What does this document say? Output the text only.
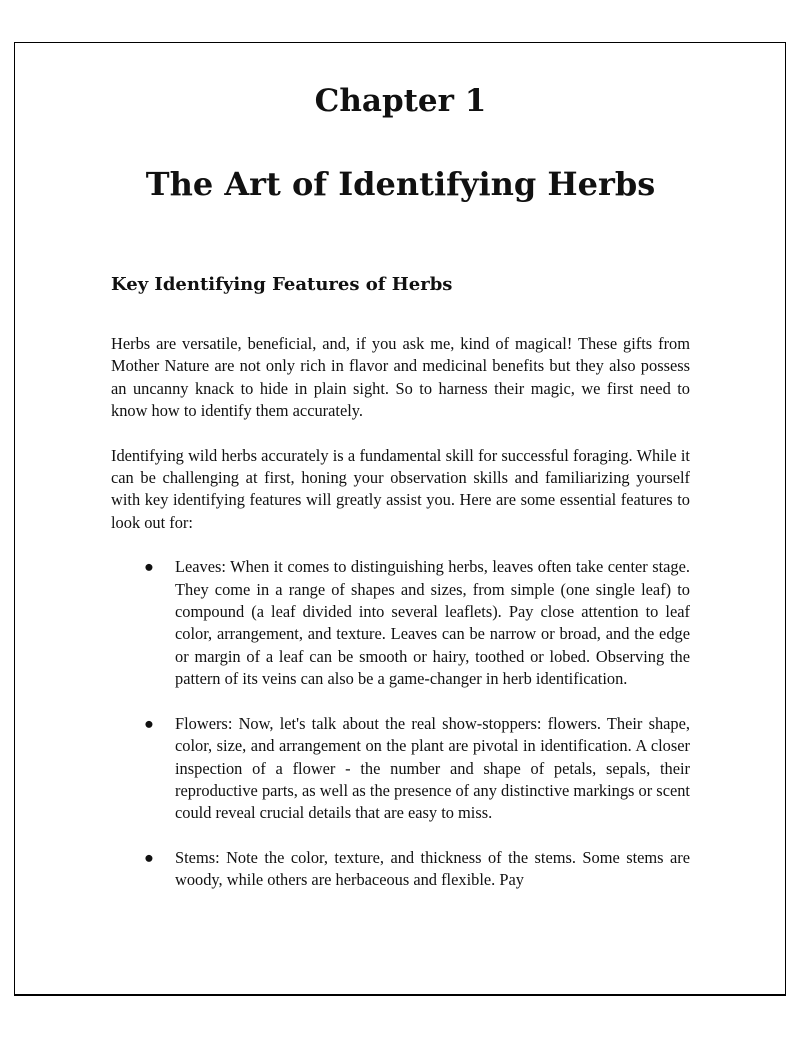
Chapter 1
The Art of Identifying Herbs
Key Identifying Features of Herbs

Herbs are versatile, beneficial, and, if you ask me, kind of magical! These gifts from Mother Nature are not only rich in flavor and medicinal benefits but they also possess an uncanny knack to hide in plain sight. So to harness their magic, we first need to know how to identify them accurately.

Identifying wild herbs accurately is a fundamental skill for successful foraging. While it can be challenging at first, honing your observation skills and familiarizing yourself with key identifying features will greatly assist you. Here are some essential features to look out for:

● Leaves: When it comes to distinguishing herbs, leaves often take center stage. They come in a range of shapes and sizes, from simple (one single leaf) to compound (a leaf divided into several leaflets). Pay close attention to leaf color, arrangement, and texture. Leaves can be narrow or broad, and the edge or margin of a leaf can be smooth or hairy, toothed or lobed. Observing the pattern of its veins can also be a game-changer in herb identification.
● Flowers: Now, let's talk about the real show-stoppers: flowers. Their shape, color, size, and arrangement on the plant are pivotal in identification. A closer inspection of a flower - the number and shape of petals, sepals, their reproductive parts, as well as the presence of any distinctive markings or scent could reveal crucial details that are easy to miss.
● Stems: Note the color, texture, and thickness of the stems. Some stems are woody, while others are herbaceous and flexible. Pay
